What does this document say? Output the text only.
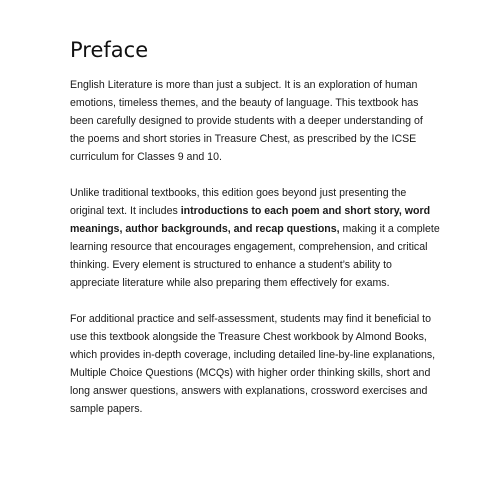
Preface

English Literature is more than just a subject. It is an exploration of human emotions, timeless themes, and the beauty of language. This textbook has been carefully designed to provide students with a deeper understanding of the poems and short stories in Treasure Chest, as prescribed by the ICSE curriculum for Classes 9 and 10.

Unlike traditional textbooks, this edition goes beyond just presenting the original text. It includes introductions to each poem and short story, word meanings, author backgrounds, and recap questions, making it a complete learning resource that encourages engagement, comprehension, and critical thinking. Every element is structured to enhance a student’s ability to appreciate literature while also preparing them effectively for exams.

For additional practice and self-assessment, students may find it beneficial to use this textbook alongside the Treasure Chest workbook by Almond Books, which provides in-depth coverage, including detailed line-by-line explanations, Multiple Choice Questions (MCQs) with higher order thinking skills, short and long answer questions, answers with explanations, crossword exercises and sample papers.
